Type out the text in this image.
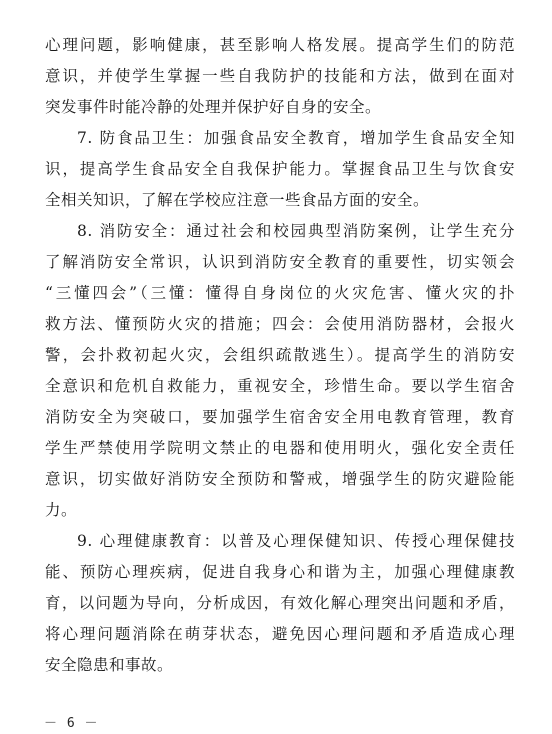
心理问题，影响健康，甚至影响人格发展。提高学生们的防范
意识，并使学生掌握一些自我防护的技能和方法，做到在面对
突发事件时能冷静的处理并保护好自身的安全。
7. 防食品卫生：加强食品安全教育，增加学生食品安全知
识，提高学生食品安全自我保护能力。掌握食品卫生与饮食安
全相关知识，了解在学校应注意一些食品方面的安全。
8. 消防安全：通过社会和校园典型消防案例，让学生充分
了解消防安全常识，认识到消防安全教育的重要性，切实领会
“三懂四会”（三懂：懂得自身岗位的火灾危害、懂火灾的扑
救方法、懂预防火灾的措施；四会：会使用消防器材，会报火
警，会扑救初起火灾，会组织疏散逃生）。提高学生的消防安
全意识和危机自救能力，重视安全，珍惜生命。要以学生宿舍
消防安全为突破口，要加强学生宿舍安全用电教育管理，教育
学生严禁使用学院明文禁止的电器和使用明火，强化安全责任
意识，切实做好消防安全预防和警戒，增强学生的防灾避险能
力。
9. 心理健康教育：以普及心理保健知识、传授心理保健技
能、预防心理疾病，促进自我身心和谐为主，加强心理健康教
育，以问题为导向，分析成因，有效化解心理突出问题和矛盾，
将心理问题消除在萌芽状态，避免因心理问题和矛盾造成心理
安全隐患和事故。
－ 6 －
